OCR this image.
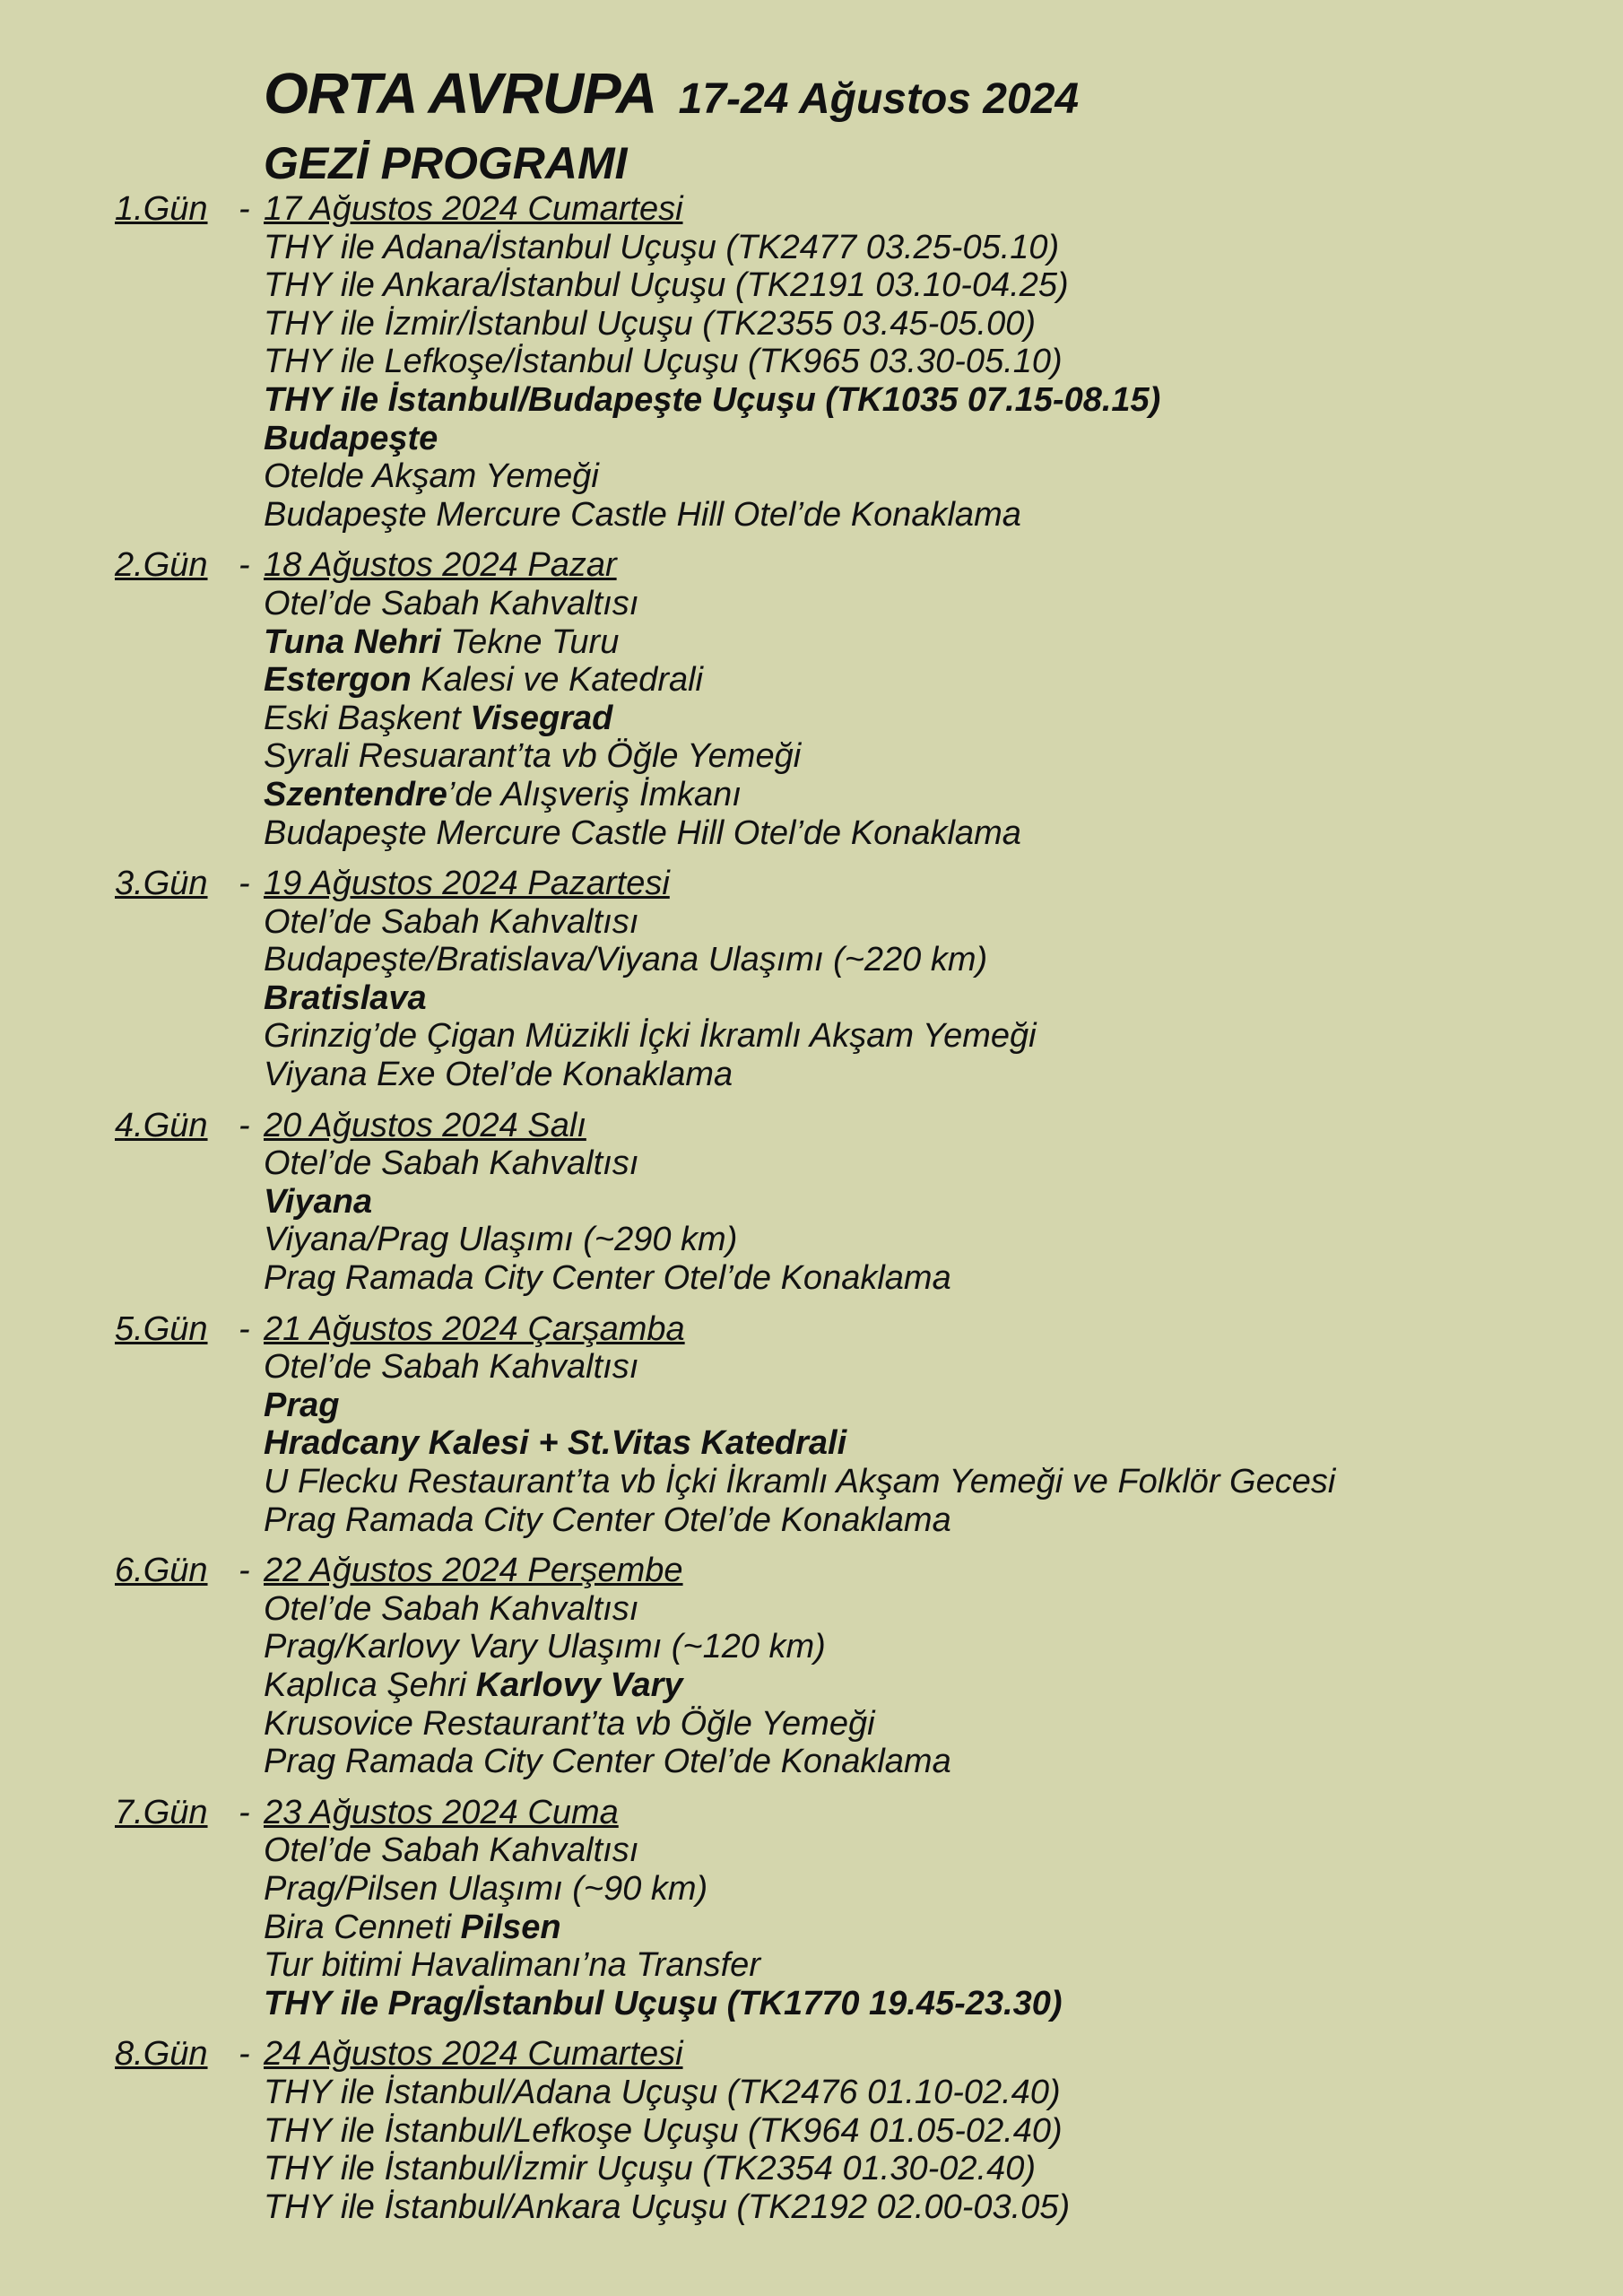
ORTA AVRUPA 17-24 Ağustos 2024
GEZİ PROGRAMI
1.Gün - 17 Ağustos 2024 Cumartesi
THY ile Adana/İstanbul Uçuşu (TK2477 03.25-05.10)
THY ile Ankara/İstanbul Uçuşu (TK2191 03.10-04.25)
THY ile İzmir/İstanbul Uçuşu (TK2355 03.45-05.00)
THY ile Lefkoşe/İstanbul Uçuşu (TK965 03.30-05.10)
THY ile İstanbul/Budapeşte Uçuşu (TK1035 07.15-08.15)
Budapeşte
Otelde Akşam Yemeği
Budapeşte Mercure Castle Hill Otel’de Konaklama
2.Gün - 18 Ağustos 2024 Pazar
Otel’de Sabah Kahvaltısı
Tuna Nehri Tekne Turu
Estergon Kalesi ve Katedrali
Eski Başkent Visegrad
Syrali Resuarant’ta vb Öğle Yemeği
Szentendre’de Alışveriş İmkanı
Budapeşte Mercure Castle Hill Otel’de Konaklama
3.Gün - 19 Ağustos 2024 Pazartesi
Otel’de Sabah Kahvaltısı
Budapeşte/Bratislava/Viyana Ulaşımı (~220 km)
Bratislava
Grinzig’de Çigan Müzikli İçki İkramlı Akşam Yemeği
Viyana Exe Otel’de Konaklama
4.Gün - 20 Ağustos 2024 Salı
Otel’de Sabah Kahvaltısı
Viyana
Viyana/Prag Ulaşımı (~290 km)
Prag Ramada City Center Otel’de Konaklama
5.Gün - 21 Ağustos 2024 Çarşamba
Otel’de Sabah Kahvaltısı
Prag
Hradcany Kalesi + St.Vitas Katedrali
U Flecku Restaurant’ta vb İçki İkramlı Akşam Yemeği ve Folklör Gecesi
Prag Ramada City Center Otel’de Konaklama
6.Gün - 22 Ağustos 2024 Perşembe
Otel’de Sabah Kahvaltısı
Prag/Karlovy Vary Ulaşımı (~120 km)
Kaplıca Şehri Karlovy Vary
Krusovice Restaurant’ta vb Öğle Yemeği
Prag Ramada City Center Otel’de Konaklama
7.Gün - 23 Ağustos 2024 Cuma
Otel’de Sabah Kahvaltısı
Prag/Pilsen Ulaşımı (~90 km)
Bira Cenneti Pilsen
Tur bitimi Havalimanı’na Transfer
THY ile Prag/İstanbul Uçuşu (TK1770 19.45-23.30)
8.Gün - 24 Ağustos 2024 Cumartesi
THY ile İstanbul/Adana Uçuşu (TK2476 01.10-02.40)
THY ile İstanbul/Lefkoşe Uçuşu (TK964 01.05-02.40)
THY ile İstanbul/İzmir Uçuşu (TK2354 01.30-02.40)
THY ile İstanbul/Ankara Uçuşu (TK2192 02.00-03.05)
